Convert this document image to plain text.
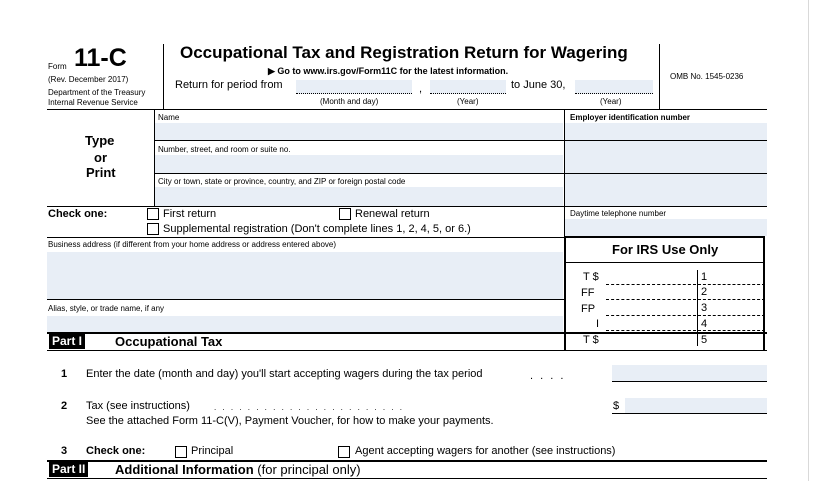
Form 11-C
(Rev. December 2017)
Department of the Treasury
Internal Revenue Service
Occupational Tax and Registration Return for Wagering
▶ Go to www.irs.gov/Form11C for the latest information.
Return for period from	,	to June 30,
(Month and day)	(Year)	(Year)
OMB No. 1545-0236
Type
or
Print
Name	Employer identification number
Number, street, and room or suite no.
City or town, state or province, country, and ZIP or foreign postal code
Check one:	First return	Renewal return
Supplemental registration (Don't complete lines 1, 2, 4, 5, or 6.)
Daytime telephone number
Business address (if different from your home address or address entered above)
Alias, style, or trade name, if any
For IRS Use Only
T $	1
FF	2
FP	3
I	4
T $	5
Part I	Occupational Tax
1 Enter the date (month and day) you'll start accepting wagers during the tax period	. . . .
2 Tax (see instructions)	. . . . . . . . . . . . . . . . . . . . . . .	$
See the attached Form 11-C(V), Payment Voucher, for how to make your payments.
3 Check one:	Principal	Agent accepting wagers for another (see instructions)
Part II Additional Information (for principal only)
